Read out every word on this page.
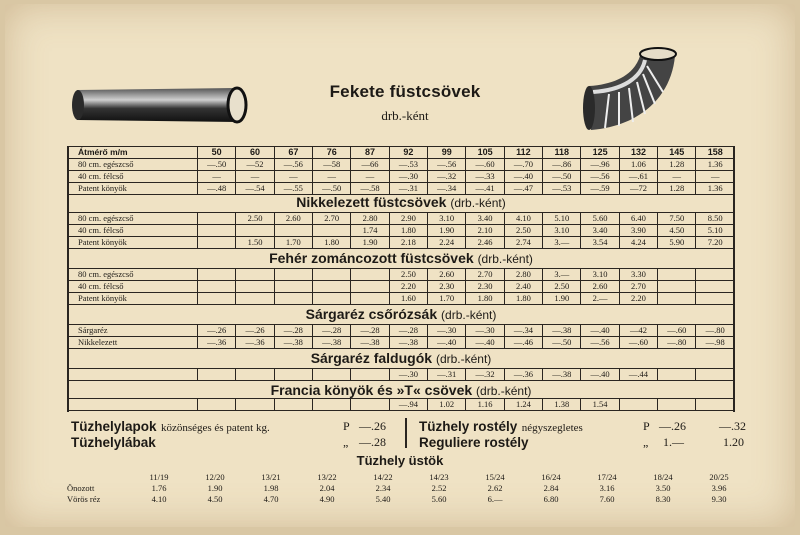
Fekete füstcsövek
drb.-ként
Átmérő m/m	50	60	67	76	87	92	99	105	112	118	125	132	145	158
80 cm. egészcső	—.50	—52	—.56	—58	—66	—.53	—.56	—.60	—.70	—.86	—.96	1.06	1.28	1.36
40 cm. félcső	—	—	—	—	—	—.30	—.32	—.33	—.40	—.50	—.56	—.61	—	—
Patent könyök	—.48	—.54	—.55	—.50	—.58	—.31	—.34	—.41	—.47	—.53	—.59	—72	1.28	1.36
Nikkelezett füstcsövek (drb.-ként)
80 cm. egészcső		2.50	2.60	2.70	2.80	2.90	3.10	3.40	4.10	5.10	5.60	6.40	7.50	8.50
40 cm. félcső					1.74	1.80	1.90	2.10	2.50	3.10	3.40	3.90	4.50	5.10
Patent könyök		1.50	1.70	1.80	1.90	2.18	2.24	2.46	2.74	3.—	3.54	4.24	5.90	7.20
Fehér zománcozott füstcsövek (drb.-ként)
80 cm. egészcső						2.50	2.60	2.70	2.80	3.—	3.10	3.30		
40 cm. félcső						2.20	2.30	2.30	2.40	2.50	2.60	2.70		
Patent könyök						1.60	1.70	1.80	1.80	1.90	2.—	2.20		
Sárgaréz csőrózsák (drb.-ként)
Sárgaréz	—.26	—.26	—.28	—.28	—.28	—.28	—.30	—.30	—.34	—.38	—.40	—42	—.60	—.80
Nikkelezett	—.36	—.36	—.38	—.38	—.38	—.38	—.40	—.40	—.46	—.50	—.56	—.60	—.80	—.98
Sárgaréz faldugók (drb.-ként)
						—.30	—.31	—.32	—.36	—.38	—.40	—.44		
Francia könyök és »T« csövek (drb.-ként)
						—.94	1.02	1.16	1.24	1.38	1.54			
Tüzhelylapok közönséges és patent kg.	P —.26
Tüzhelylábak	„ —.28
Tüzhely rostély négyszegletes	P —.26	—.32
Reguliere rostély	„ 1.—	1.20
Tüzhely üstök
	11/19	12/20	13/21	13/22	14/22	14/23	15/24	16/24	17/24	18/24	20/25
Önozott	1.76	1.90	1.98	2.04	2.34	2.52	2.62	2.84	3.16	3.50	3.96
Vörös réz	4.10	4.50	4.70	4.90	5.40	5.60	6.—	6.80	7.60	8.30	9.30
